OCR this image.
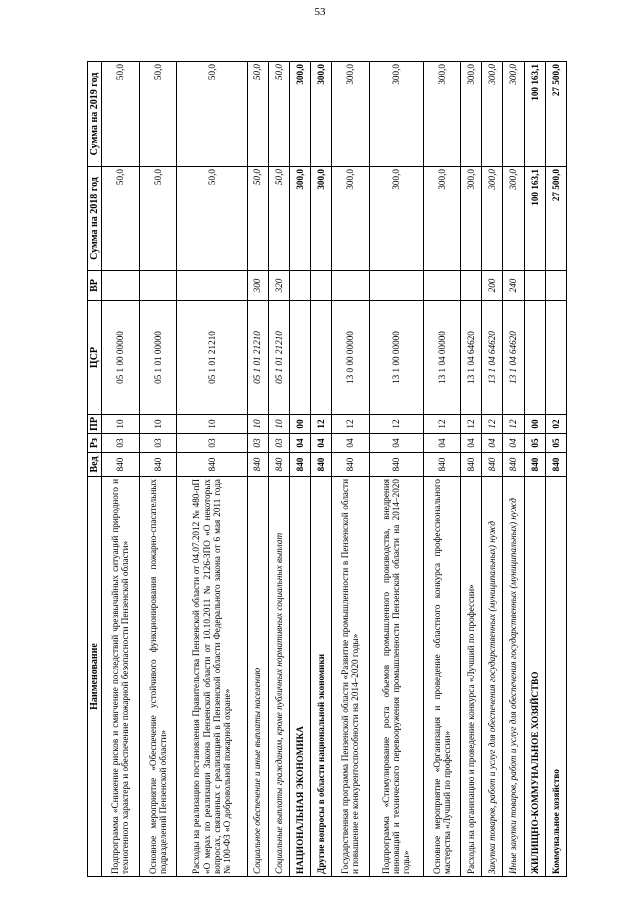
53
Наименование	Вед	Рз	ПР	ЦСР	ВР	Сумма на 2018 год	Сумма на 2019 год
Подпрограмма «Снижение рисков и смягчение последствий чрезвычайных ситуаций природного и техногенного характера и обеспечение пожарной безопасности Пензенской области»	840	03	10	05 1 00 00000		50,0	50,0
Основное мероприятие «Обеспечение устойчивого функционирования пожарно-спасательных подразделений Пензенской области»	840	03	10	05 1 01 00000		50,0	50,0
Расходы на реализацию постановления Правительства Пензенской области от 04.07.2012 № 480-пП «О мерах по реализации Закона Пензенской области от 10.10.2011 № 2126-ЗПО «О некоторых вопросах, связанных с реализацией в Пензенской области Федерального закона от 6 мая 2011 года № 100-ФЗ «О добровольной пожарной охране»	840	03	10	05 1 01 21210		50,0	50,0
Социальное обеспечение и иные выплаты населению	840	03	10	05 1 01 21210	300	50,0	50,0
Социальные выплаты гражданам, кроме публичных нормативных социальных выплат	840	03	10	05 1 01 21210	320	50,0	50,0
НАЦИОНАЛЬНАЯ ЭКОНОМИКА	840	04	00			300,0	300,0
Другие вопросы в области национальной экономики	840	04	12			300,0	300,0
Государственная программа Пензенской области «Развитие промышленности в Пензенской области и повышение ее конкурентоспособности на 2014–2020 годы»	840	04	12	13 0 00 00000		300,0	300,0
Подпрограмма «Стимулирование роста объемов промышленного производства, внедрения инноваций и технического перевооружения промышленности Пензенской области на 2014–2020 годы»	840	04	12	13 1 00 00000		300,0	300,0
Основное мероприятие «Организация и проведение областного конкурса профессионального мастерства «Лучший по профессии»	840	04	12	13 1 04 00000		300,0	300,0
Расходы на организацию и проведение конкурса «Лучший по профессии»	840	04	12	13 1 04 64620		300,0	300,0
Закупка товаров, работ и услуг для обеспечения государственных (муниципальных) нужд	840	04	12	13 1 04 64620	200	300,0	300,0
Иные закупки товаров, работ и услуг для обеспечения государственных (муниципальных) нужд	840	04	12	13 1 04 64620	240	300,0	300,0
ЖИЛИЩНО-КОММУНАЛЬНОЕ ХОЗЯЙСТВО	840	05	00			100 163,1	100 163,1
Коммунальное хозяйство	840	05	02			27 500,0	27 500,0
